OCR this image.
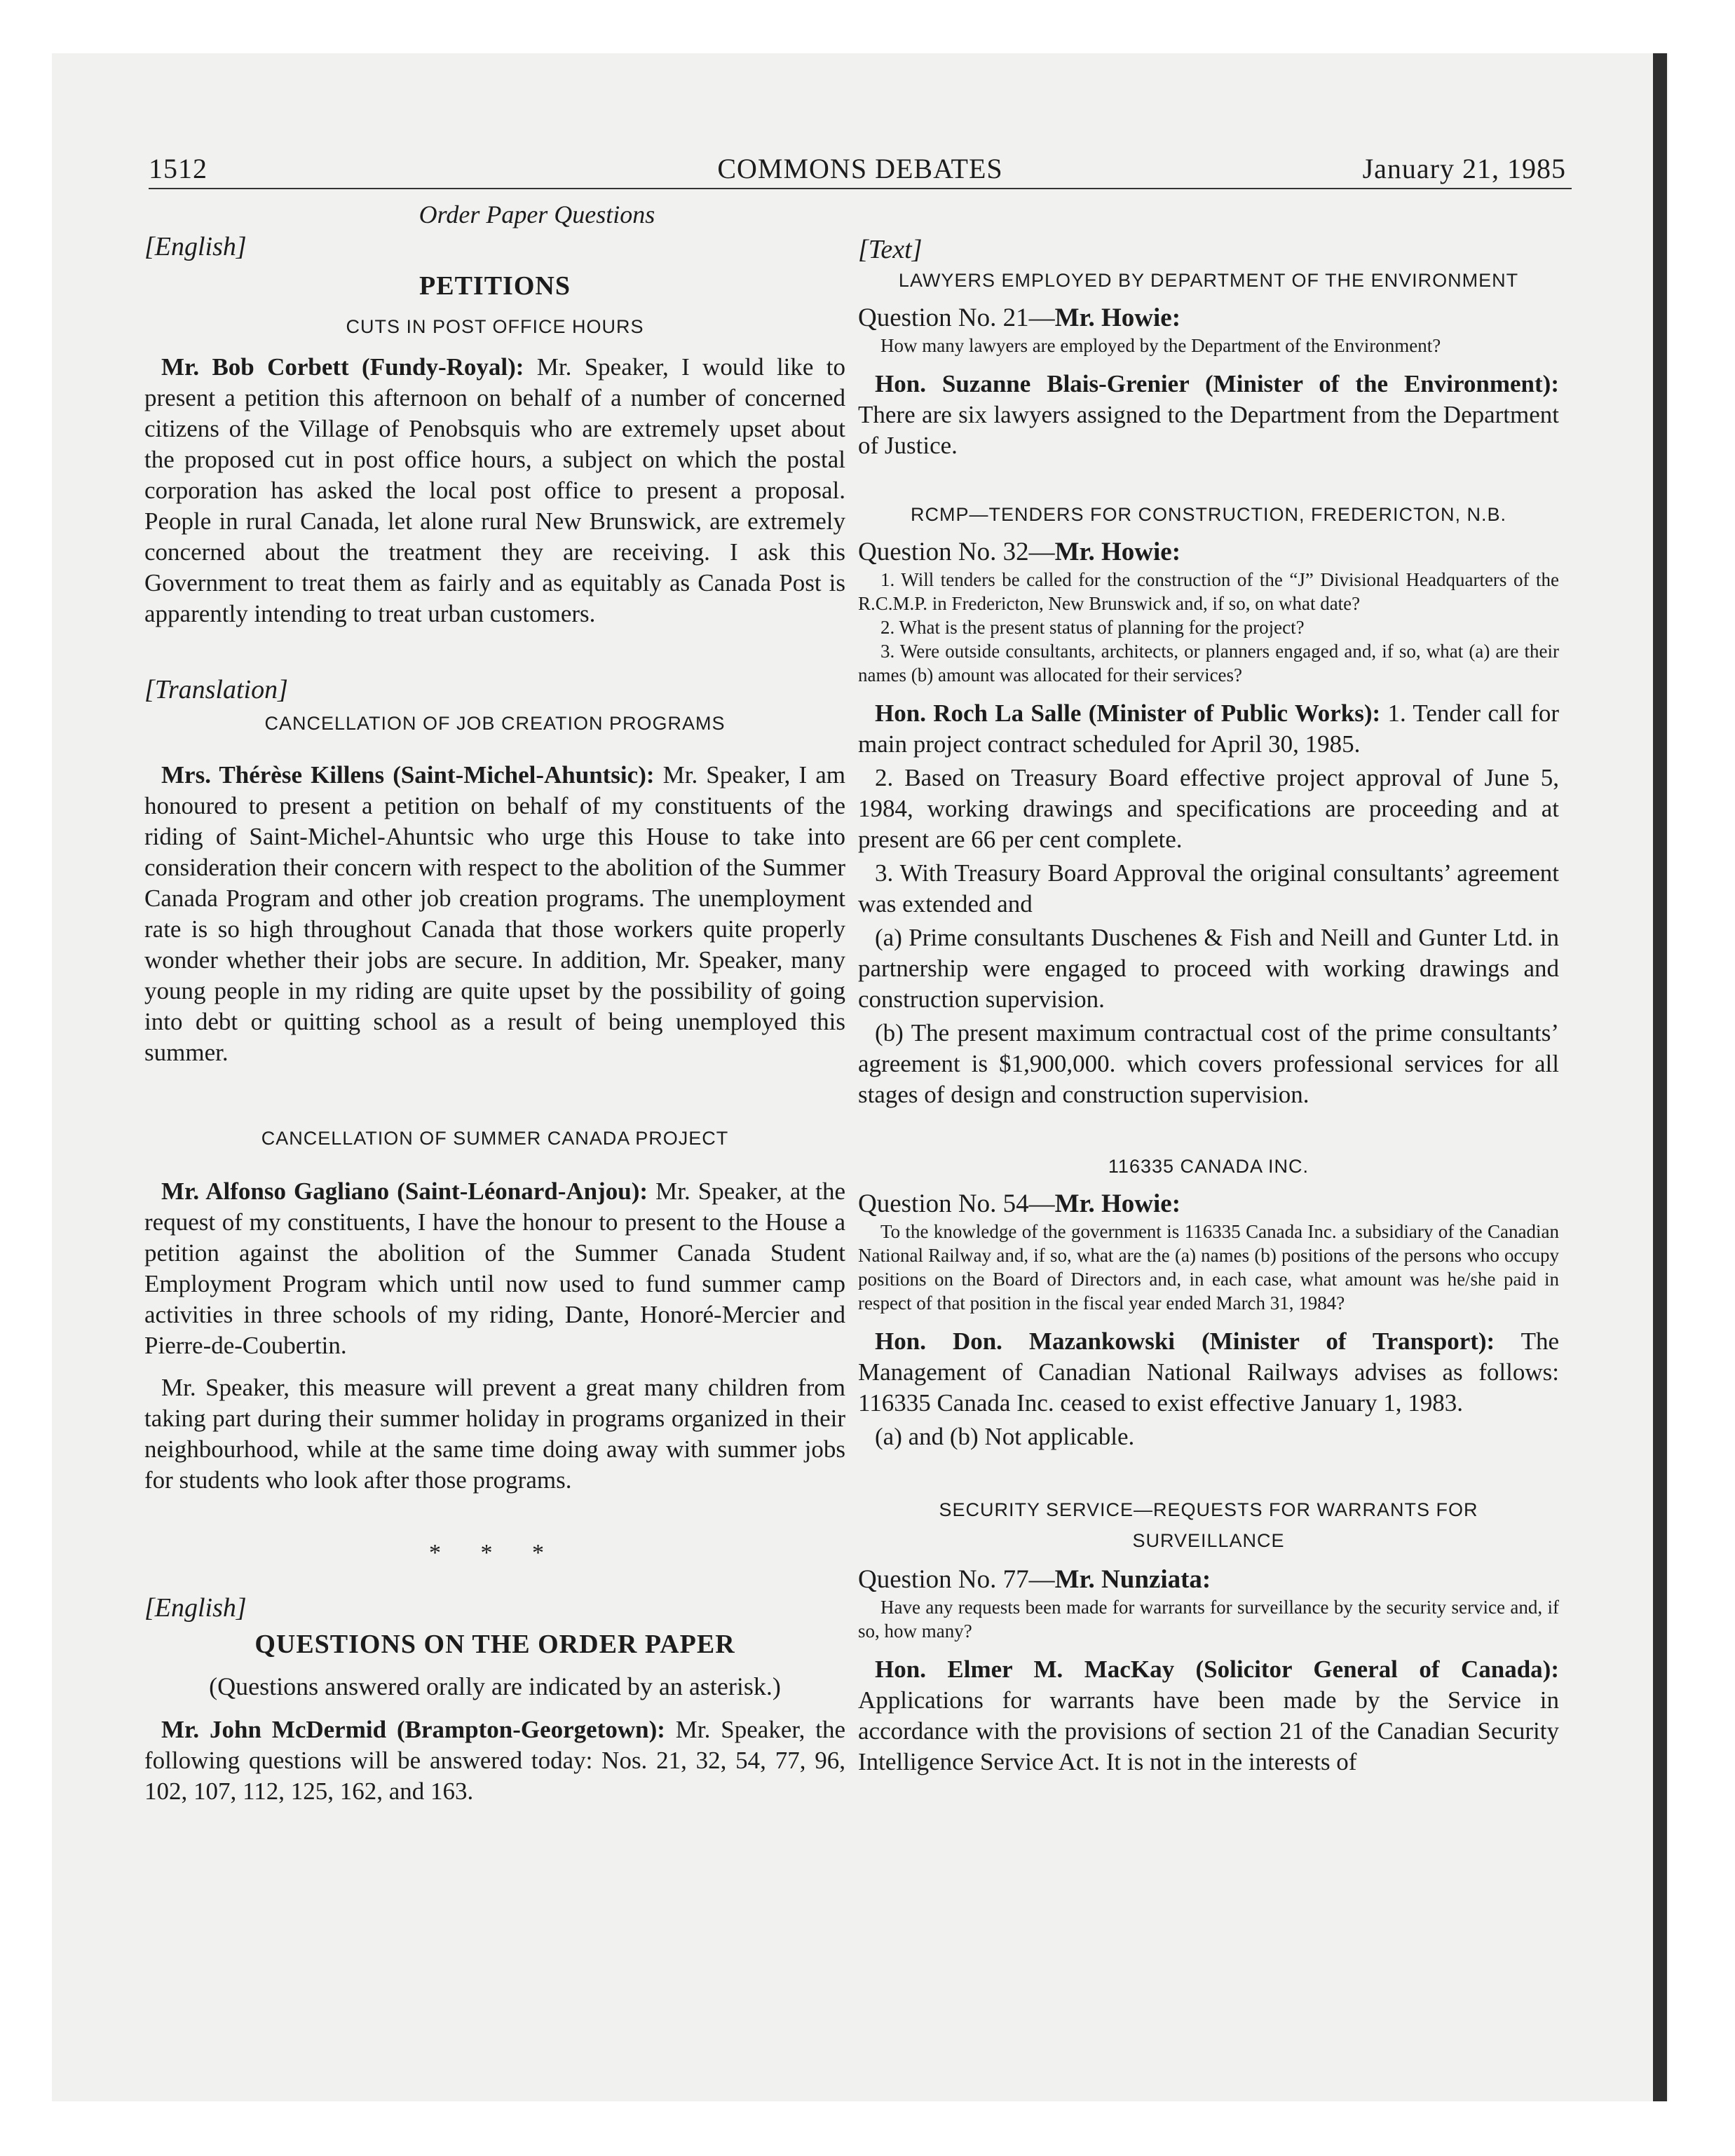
1512	COMMONS DEBATES	January 21, 1985
Order Paper Questions
[English]
PETITIONS
CUTS IN POST OFFICE HOURS

Mr. Bob Corbett (Fundy-Royal): Mr. Speaker, I would like to present a petition this afternoon on behalf of a number of concerned citizens of the Village of Penobsquis who are extremely upset about the proposed cut in post office hours, a subject on which the postal corporation has asked the local post office to present a proposal. People in rural Canada, let alone rural New Brunswick, are extremely concerned about the treatment they are receiving. I ask this Government to treat them as fairly and as equitably as Canada Post is apparently intending to treat urban customers.

[Translation]
CANCELLATION OF JOB CREATION PROGRAMS

Mrs. Thérèse Killens (Saint-Michel-Ahuntsic): Mr. Speaker, I am honoured to present a petition on behalf of my constituents of the riding of Saint-Michel-Ahuntsic who urge this House to take into consideration their concern with respect to the abolition of the Summer Canada Program and other job creation programs. The unemployment rate is so high throughout Canada that those workers quite properly wonder whether their jobs are secure. In addition, Mr. Speaker, many young people in my riding are quite upset by the possibility of going into debt or quitting school as a result of being unemployed this summer.

CANCELLATION OF SUMMER CANADA PROJECT

Mr. Alfonso Gagliano (Saint-Léonard-Anjou): Mr. Speaker, at the request of my constituents, I have the honour to present to the House a petition against the abolition of the Summer Canada Student Employment Program which until now used to fund summer camp activities in three schools of my riding, Dante, Honoré-Mercier and Pierre-de-Coubertin.

Mr. Speaker, this measure will prevent a great many children from taking part during their summer holiday in programs organized in their neighbourhood, while at the same time doing away with summer jobs for students who look after those programs.

* * *
[English]
QUESTIONS ON THE ORDER PAPER
(Questions answered orally are indicated by an asterisk.)

Mr. John McDermid (Brampton-Georgetown): Mr. Speaker, the following questions will be answered today: Nos. 21, 32, 54, 77, 96, 102, 107, 112, 125, 162, and 163.

[Text]
LAWYERS EMPLOYED BY DEPARTMENT OF THE ENVIRONMENT
Question No. 21—Mr. Howie:

How many lawyers are employed by the Department of the Environment?

Hon. Suzanne Blais-Grenier (Minister of the Environment): There are six lawyers assigned to the Department from the Department of Justice.

RCMP—TENDERS FOR CONSTRUCTION, FREDERICTON, N.B.
Question No. 32—Mr. Howie:

1. Will tenders be called for the construction of the “J” Divisional Headquarters of the R.C.M.P. in Fredericton, New Brunswick and, if so, on what date?

2. What is the present status of planning for the project?

3. Were outside consultants, architects, or planners engaged and, if so, what (a) are their names (b) amount was allocated for their services?

Hon. Roch La Salle (Minister of Public Works): 1. Tender call for main project contract scheduled for April 30, 1985.

2. Based on Treasury Board effective project approval of June 5, 1984, working drawings and specifications are proceeding and at present are 66 per cent complete.

3. With Treasury Board Approval the original consultants’ agreement was extended and

(a) Prime consultants Duschenes & Fish and Neill and Gunter Ltd. in partnership were engaged to proceed with working drawings and construction supervision.

(b) The present maximum contractual cost of the prime consultants’ agreement is $1,900,000. which covers professional services for all stages of design and construction supervision.

116335 CANADA INC.
Question No. 54—Mr. Howie:

To the knowledge of the government is 116335 Canada Inc. a subsidiary of the Canadian National Railway and, if so, what are the (a) names (b) positions of the persons who occupy positions on the Board of Directors and, in each case, what amount was he/she paid in respect of that position in the fiscal year ended March 31, 1984?

Hon. Don. Mazankowski (Minister of Transport): The Management of Canadian National Railways advises as follows: 116335 Canada Inc. ceased to exist effective January 1, 1983.

(a) and (b) Not applicable.

SECURITY SERVICE—REQUESTS FOR WARRANTS FOR SURVEILLANCE
Question No. 77—Mr. Nunziata:

Have any requests been made for warrants for surveillance by the security service and, if so, how many?

Hon. Elmer M. MacKay (Solicitor General of Canada): Applications for warrants have been made by the Service in accordance with the provisions of section 21 of the Canadian Security Intelligence Service Act. It is not in the interests of
